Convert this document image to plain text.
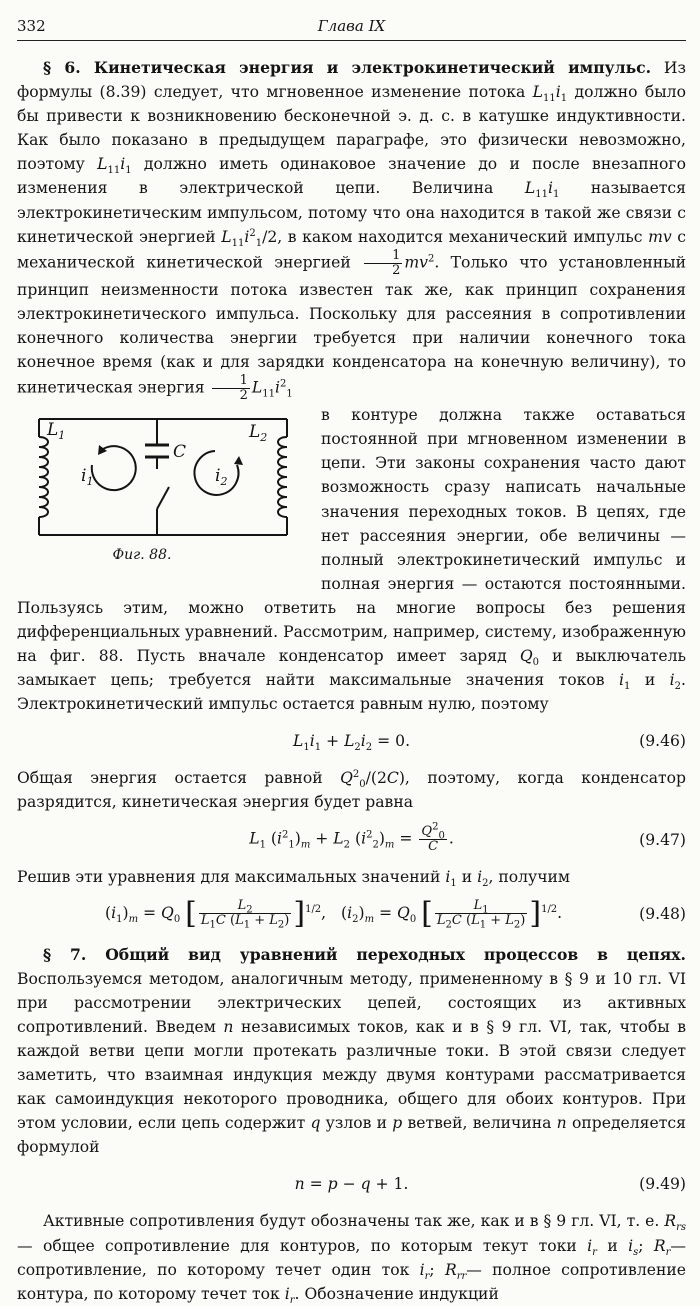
332	Глава IX

§ 6. Кинетическая энергия и электрокинетический импульс. Из формулы (8.39) следует, что мгновенное изменение потока $L_{11}i_1$ должно было бы привести к возникновению бесконечной э. д. с. в катушке индуктивности. Как было показано в предыдущем параграфе, это физически невозможно, поэтому $L_{11}i_1$ должно иметь одинаковое значение до и после внезапного изменения в электрической цепи. Величина $L_{11}i_1$ называется электрокинетическим импульсом, потому что она находится в такой же связи с кинетической энергией $L_{11}i^2_1/2$, в каком находится механический импульс mv с механической кинетической энергией $\frac{1}{2} mv^2$. Только что установленный принцип неизменности потока известен так же, как принцип сохранения электрокинетического импульса. Поскольку для рассеяния в сопротивлении конечного количества энергии требуется при наличии конечного тока конечное время (как и для зарядки конденсатора на конечную величину), то кинетическая энергия $\frac{1}{2} L_{11}i^2_1$

$L_1$	$L_2$
C
$i_1$	$i_2$
Фиг. 88.

в контуре должна также оставаться постоянной при мгновенном изменении в цепи. Эти законы сохранения часто дают возможность сразу написать начальные значения переходных токов. В цепях, где нет рассеяния энергии, обе величины — полный электрокинетический импульс и полная энергия — остаются постоянными. Пользуясь этим, можно ответить на многие вопросы без решения дифференциальных уравнений. Рассмотрим, например, систему, изображенную на фиг. 88. Пусть вначале конденсатор имеет заряд $Q_0$ и выключатель замыкает цепь; требуется найти максимальные значения токов $i_1$ и $i_2$. Электрокинетический импульс остается равным нулю, поэтому

$L_1i_1 + L_2i_2 = 0$.	(9.46)

Общая энергия остается равной $Q^2_0/(2C)$, поэтому, когда конденсатор разрядится, кинетическая энергия будет равна

$L_1$ $(i^2_1)_m + L_2$ $(i^2_2)_m = \frac{Q^2_0}{C}$ .	(9.47)

Решив эти уравнения для максимальных значений $i_1$ и $i_2$, получим

$(i_1)_m = Q_0$ [ $\frac{L_2}{L_1C (L_1 + L_2)} ]^{1/2}$,   $(i_2)_m = Q_0$ [ $\frac{L_1}{L_2C (L_1 + L_2)} ]^{1/2}$.	(9.48)

§ 7. Общий вид уравнений переходных процессов в цепях. Воспользуемся методом, аналогичным методу, примененному в § 9 и 10 гл. VI при рассмотрении электрических цепей, состоящих из активных сопротивлений. Введем n независимых токов, как и в § 9 гл. VI, так, чтобы в каждой ветви цепи могли протекать различные токи. В этой связи следует заметить, что взаимная индукция между двумя контурами рассматривается как самоиндукция некоторого проводника, общего для обоих контуров. При этом условии, если цепь содержит q узлов и p ветвей, величина n определяется формулой

n = p − q + 1.	(9.49)

Активные сопротивления будут обозначены так же, как и в § 9 гл. VI, т. е. $R_{rs}—$ общее сопротивление для контуров, по которым текут токи $i_r$ и $i_s$; $R_r—$ сопротивление, по которому течет один ток $i_r$; $R_{rr}—$ полное сопротивление контура, по которому течет ток $i_r$. Обозначение индукций
